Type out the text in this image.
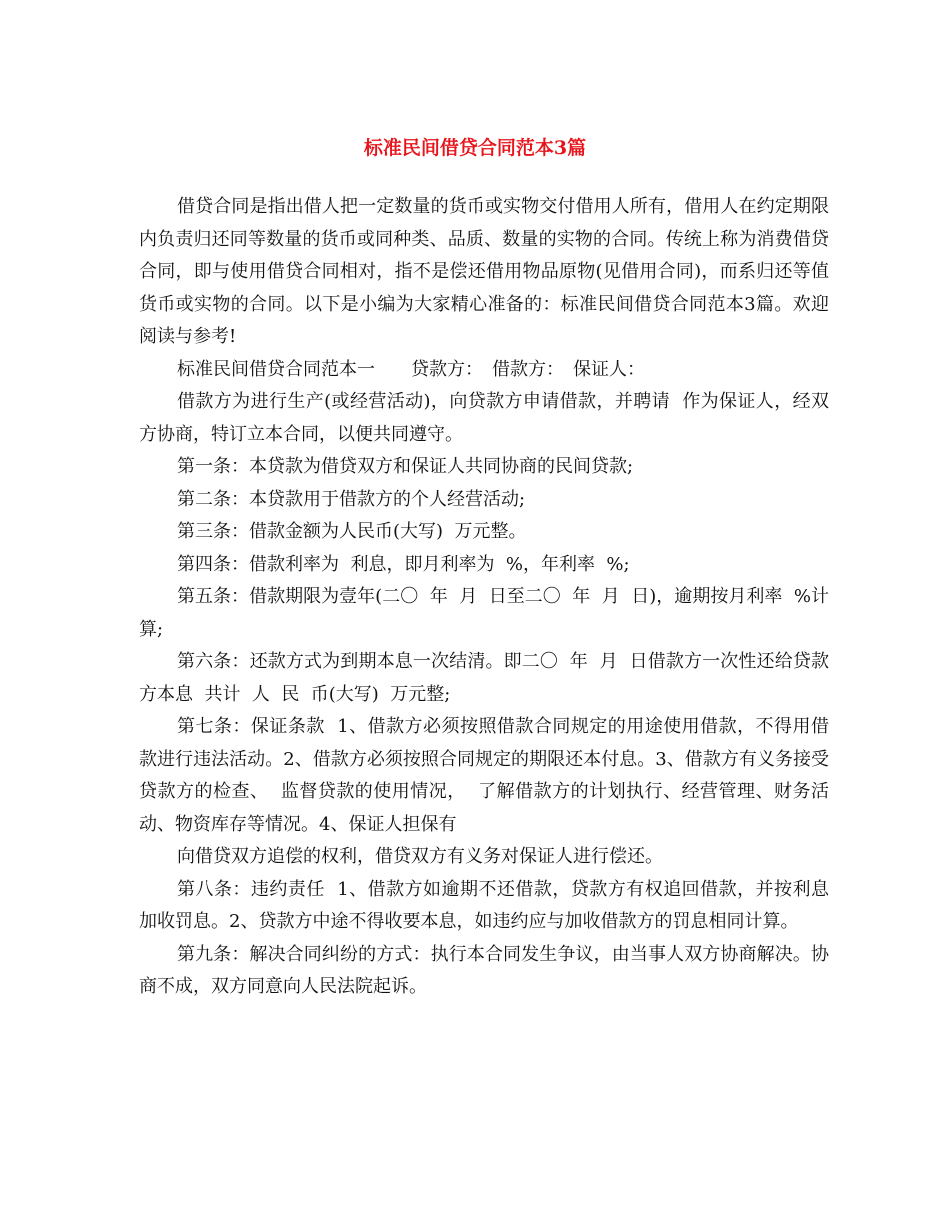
标准民间借贷合同范本3篇

借贷合同是指出借人把一定数量的货币或实物交付借用人所有，借用人在约定期限内负责归还同等数量的货币或同种类、品质、数量的实物的合同。传统上称为消费借贷合同，即与使用借贷合同相对，指不是偿还借用物品原物(见借用合同)，而系归还等值货币或实物的合同。以下是小编为大家精心准备的：标准民间借贷合同范本3篇。欢迎阅读与参考!

标准民间借贷合同范本一　　贷款方：　借款方：　保证人：

借款方为进行生产(或经营活动)，向贷款方申请借款，并聘请  作为保证人，经双方协商，特订立本合同，以便共同遵守。

第一条：本贷款为借贷双方和保证人共同协商的民间贷款;

第二条：本贷款用于借款方的个人经营活动;

第三条：借款金额为人民币(大写)  万元整。

第四条：借款利率为  利息，即月利率为  %，年利率  %;

第五条：借款期限为壹年(二〇  年  月  日至二〇  年  月  日)，逾期按月利率  %计算;

第六条：还款方式为到期本息一次结清。即二〇  年  月  日借款方一次性还给贷款方本息  共计  人  民  币(大写)  万元整;

第七条：保证条款  1、借款方必须按照借款合同规定的用途使用借款，不得用借款进行违法活动。2、借款方必须按照合同规定的期限还本付息。3、借款方有义务接受贷款方的检查、  监督贷款的使用情况，  了解借款方的计划执行、经营管理、财务活动、物资库存等情况。4、保证人担保有

向借贷双方追偿的权利，借贷双方有义务对保证人进行偿还。

第八条：违约责任  1、借款方如逾期不还借款，贷款方有权追回借款，并按利息加收罚息。2、贷款方中途不得收要本息，如违约应与加收借款方的罚息相同计算。

第九条：解决合同纠纷的方式：执行本合同发生争议，由当事人双方协商解决。协商不成，双方同意向人民法院起诉。
